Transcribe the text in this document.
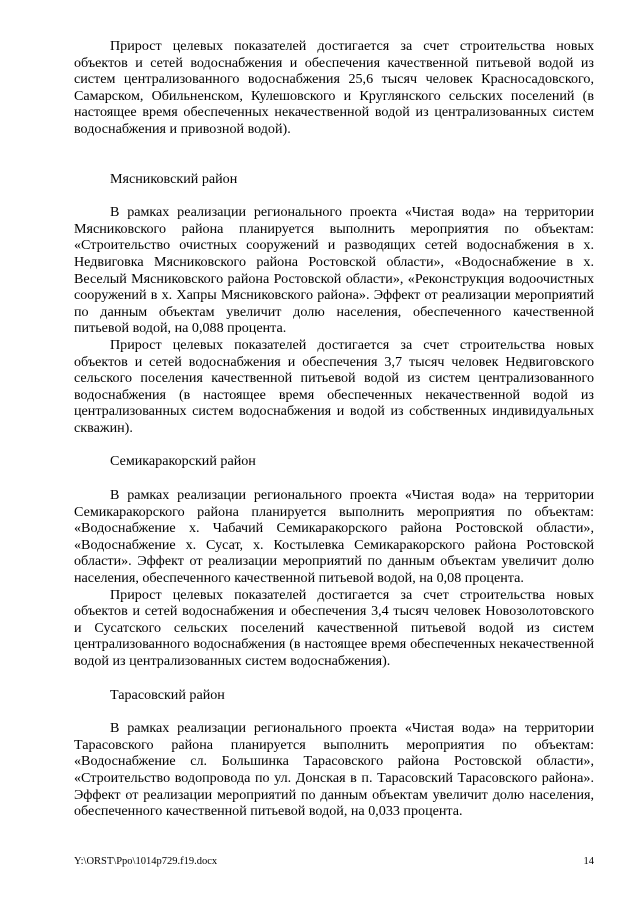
Прирост целевых показателей достигается за счет строительства новых объектов и сетей водоснабжения и обеспечения качественной питьевой водой из систем централизованного водоснабжения 25,6 тысяч человек Красносадовского, Самарском, Обильненском, Кулешовского и Круглянского сельских поселений (в настоящее время обеспеченных некачественной водой из централизованных систем водоснабжения и привозной водой).

Мясниковский район

В рамках реализации регионального проекта «Чистая вода» на территории Мясниковского района планируется выполнить мероприятия по объектам: «Строительство очистных сооружений и разводящих сетей водоснабжения в х. Недвиговка Мясниковского района Ростовской области», «Водоснабжение в х. Веселый Мясниковского района Ростовской области», «Реконструкция водоочистных сооружений в х. Хапры Мясниковского района». Эффект от реализации мероприятий по данным объектам увеличит долю населения, обеспеченного качественной питьевой водой, на 0,088 процента.

Прирост целевых показателей достигается за счет строительства новых объектов и сетей водоснабжения и обеспечения 3,7 тысяч человек Недвиговского сельского поселения качественной питьевой водой из систем централизованного водоснабжения (в настоящее время обеспеченных некачественной водой из централизованных систем водоснабжения и водой из собственных индивидуальных скважин).

Семикаракорский район

В рамках реализации регионального проекта «Чистая вода» на территории Семикаракорского района планируется выполнить мероприятия по объектам: «Водоснабжение х. Чабачий Семикаракорского района Ростовской области», «Водоснабжение х. Сусат, х. Костылевка Семикаракорского района Ростовской области». Эффект от реализации мероприятий по данным объектам увеличит долю населения, обеспеченного качественной питьевой водой, на 0,08 процента.

Прирост целевых показателей достигается за счет строительства новых объектов и сетей водоснабжения и обеспечения 3,4 тысяч человек Новозолотовского и Сусатского сельских поселений качественной питьевой водой из систем централизованного водоснабжения (в настоящее время обеспеченных некачественной водой из централизованных систем водоснабжения).

Тарасовский район

В рамках реализации регионального проекта «Чистая вода» на территории Тарасовского района планируется выполнить мероприятия по объектам: «Водоснабжение сл. Большинка Тарасовского района Ростовской области», «Строительство водопровода по ул. Донская в п. Тарасовский Тарасовского района». Эффект от реализации мероприятий по данным объектам увеличит долю населения, обеспеченного качественной питьевой водой, на 0,033 процента.

Y:\ORST\Ppo\1014p729.f19.docx	14
